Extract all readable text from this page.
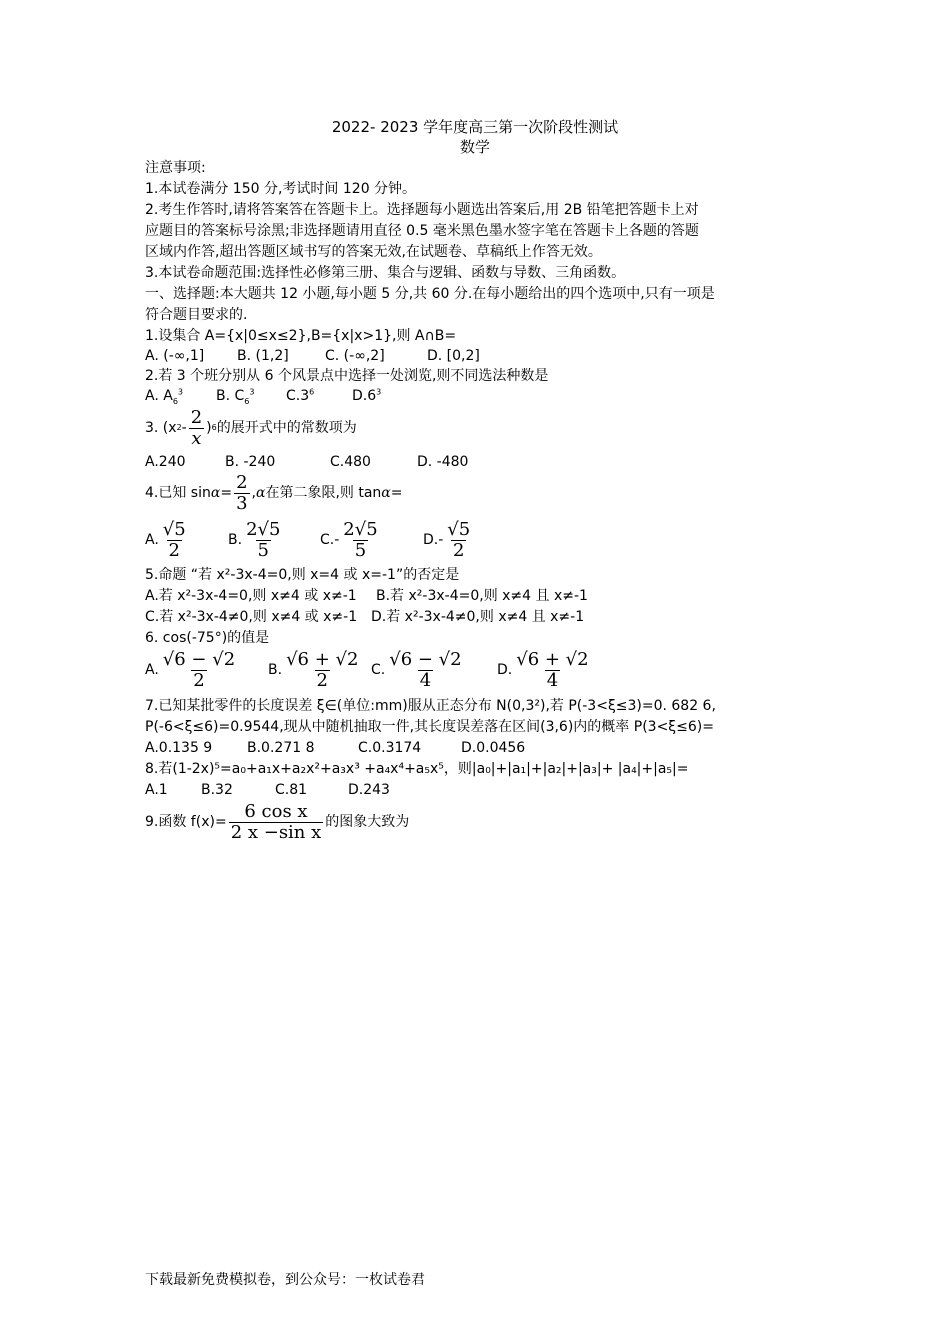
2022- 2023 学年度高三第一次阶段性测试
数学
注意事项:
1.本试卷满分 150 分,考试时间 120 分钟。
2.考生作答时,请将答案答在答题卡上。选择题每小题选出答案后,用 2B 铅笔把答题卡上对
应题目的答案标号涂黑;非选择题请用直径 0.5 毫米黑色墨水签字笔在答题卡上各题的答题
区域内作答,超出答题区域书写的答案无效,在试题卷、草稿纸上作答无效。
3.本试卷命题范围:选择性必修第三册、集合与逻辑、函数与导数、三角函数。
一、选择题:本大题共 12 小题,每小题 5 分,共 60 分.在每小题给出的四个选项中,只有一项是
符合题目要求的.
1.设集合 A={x|0≤x≤2},B={x|x>1},则 A∩B=
A. (-∞,1] B. (1,2]	C. (-∞,2]	D. [0,2]
2.若 3 个班分别从 6 个风景点中选择一处浏览,则不同选法种数是
A. $A_6^3$ B. $C_6^3$ $C.3^6$	$D.6^3$
3. (x $2 - \frac{2}{x}$ ) 6 的展开式中的常数项为
A.240	B. -240	C.480	D. -480
4.已知 $\sin \alpha = \frac{2}{3}$ , α 在第二象限,则 tan α =
A. $\frac{√5}{2}$	B. $\frac{2√5}{5}$	$C.- \frac{2√5}{5}$	$D.- \frac{√5}{2}$
5.命题 “若 x²-3x-4=0,则 x=4 或 x=-1”的否定是
A.若 x²-3x-4=0,则 x≠4 或 x≠-1 B.若 x²-3x-4=0,则 x≠4 且 x≠-1
C.若 x²-3x-4≠0,则 x≠4 或 x≠-1 D.若 x²-3x-4≠0,则 x≠4 且 x≠-1
6. cos(-75°)的值是
A. $\frac{√6 - √2}{2} B$. $\frac{√6 + √2}{2} C$. $\frac{√6 - √2}{4} D$. $\frac{√6 + √2}{4}$
7.已知某批零件的长度误差 ξ∈(单位:mm)服从正态分布 N(0,3²),若 P(-3<ξ≤3)=0. 682 6,
P(-6<ξ≤6)=0.9544,现从中随机抽取一件,其长度误差落在区间(3,6)内的概率 P(3<ξ≤6)=
A.0.135 9 B.0.271 8	C.0.3174	D.0.0456
8.若(1-2x)⁵=a₀+a₁x+a₂x²+a₃x³ +a₄x⁴+a₅x⁵，则|a₀|+|a₁|+|a₂|+|a₃|+ |a₄|+|a₅|=
A.1 B.32	C.81	D.243
9.函数 $f(x)= \frac{\text{6 cos x}}{\text{2 x −sin x}}$ 的图象大致为
下载最新免费模拟卷，到公众号：一枚试卷君
